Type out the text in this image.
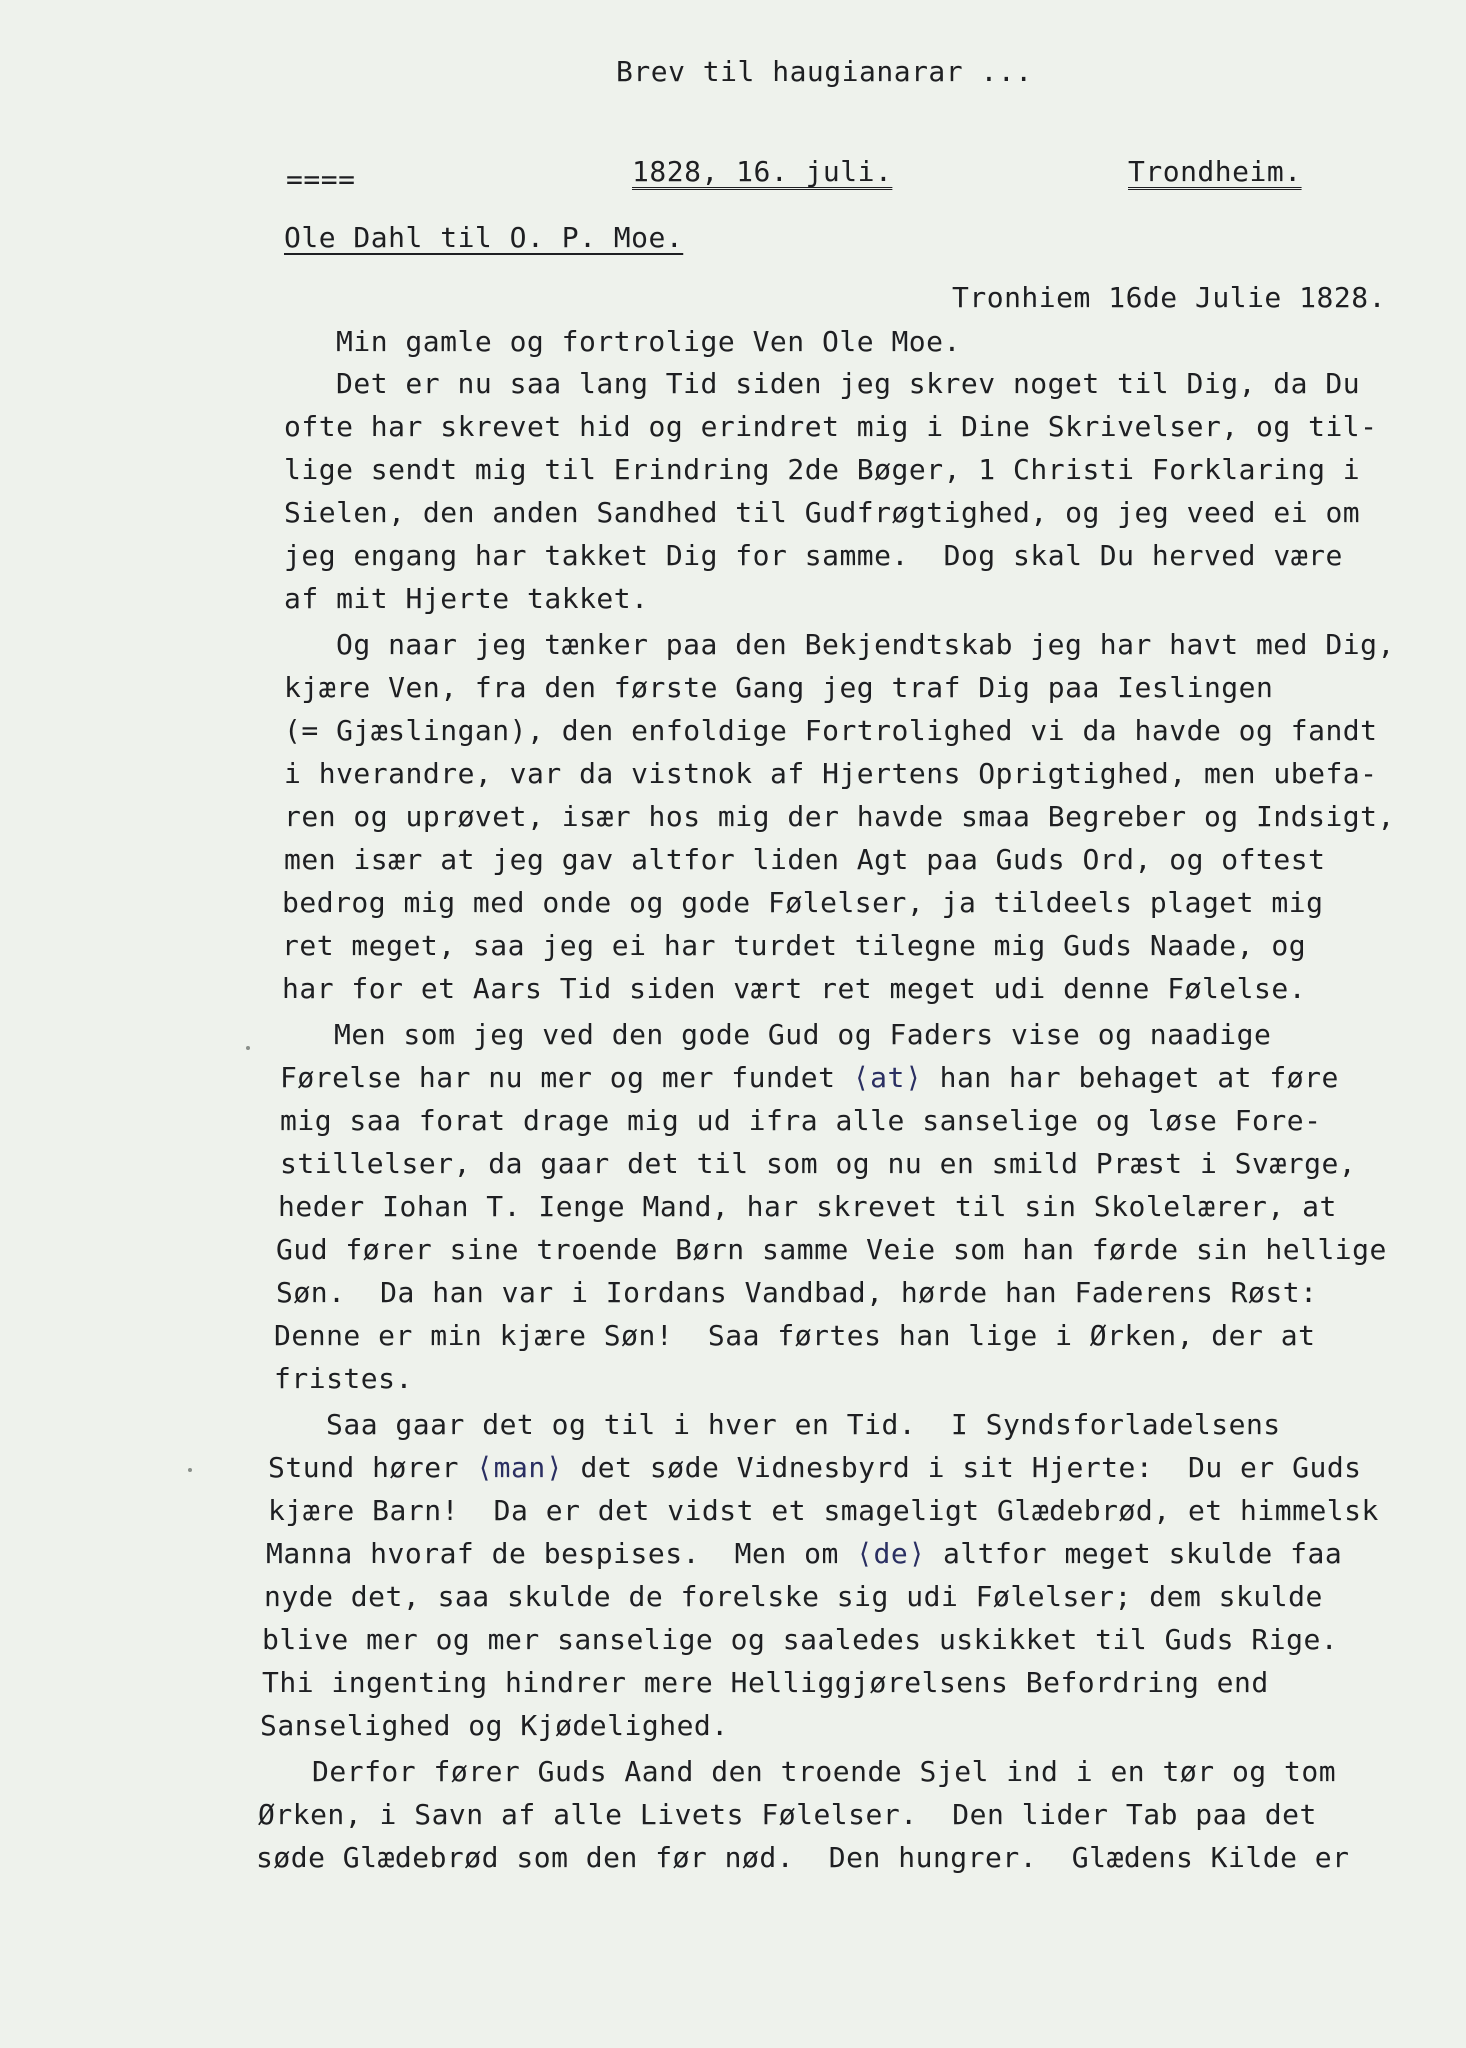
Brev til haugianarar ...
====	1828, 16. juli.	Trondheim.
Ole Dahl til O. P. Moe.
Tronhiem 16de Julie 1828.
Min gamle og fortrolige Ven Ole Moe.
Det er nu saa lang Tid siden jeg skrev noget til Dig, da Du
ofte har skrevet hid og erindret mig i Dine Skrivelser, og til-
lige sendt mig til Erindring 2de Bøger, 1 Christi Forklaring i
Sielen, den anden Sandhed til Gudfrøgtighed, og jeg veed ei om
jeg engang har takket Dig for samme.  Dog skal Du herved være
af mit Hjerte takket.
Og naar jeg tænker paa den Bekjendtskab jeg har havt med Dig,
kjære Ven, fra den første Gang jeg traf Dig paa Ieslingen
(= Gjæslingan), den enfoldige Fortrolighed vi da havde og fandt
i hverandre, var da vistnok af Hjertens Oprigtighed, men ubefa-
ren og uprøvet, især hos mig der havde smaa Begreber og Indsigt,
men især at jeg gav altfor liden Agt paa Guds Ord, og oftest
bedrog mig med onde og gode Følelser, ja tildeels plaget mig
ret meget, saa jeg ei har turdet tilegne mig Guds Naade, og
har for et Aars Tid siden vært ret meget udi denne Følelse.
Men som jeg ved den gode Gud og Faders vise og naadige
Førelse har nu mer og mer fundet ⟨at⟩ han har behaget at føre
mig saa forat drage mig ud ifra alle sanselige og løse Fore-
stillelser, da gaar det til som og nu en smild Præst i Sværge,
heder Iohan T. Ienge Mand, har skrevet til sin Skolelærer, at
Gud fører sine troende Børn samme Veie som han førde sin hellige
Søn.  Da han var i Iordans Vandbad, hørde han Faderens Røst:
Denne er min kjære Søn!  Saa førtes han lige i Ørken, der at
fristes.
Saa gaar det og til i hver en Tid.  I Syndsforladelsens
Stund hører ⟨man⟩ det søde Vidnesbyrd i sit Hjerte:  Du er Guds
kjære Barn!  Da er det vidst et smageligt Glædebrød, et himmelsk
Manna hvoraf de bespises.  Men om ⟨de⟩ altfor meget skulde faa
nyde det, saa skulde de forelske sig udi Følelser; dem skulde
blive mer og mer sanselige og saaledes uskikket til Guds Rige.
Thi ingenting hindrer mere Helliggjørelsens Befordring end
Sanselighed og Kjødelighed.
Derfor fører Guds Aand den troende Sjel ind i en tør og tom
Ørken, i Savn af alle Livets Følelser.  Den lider Tab paa det
søde Glædebrød som den før nød.  Den hungrer.  Glædens Kilde er
